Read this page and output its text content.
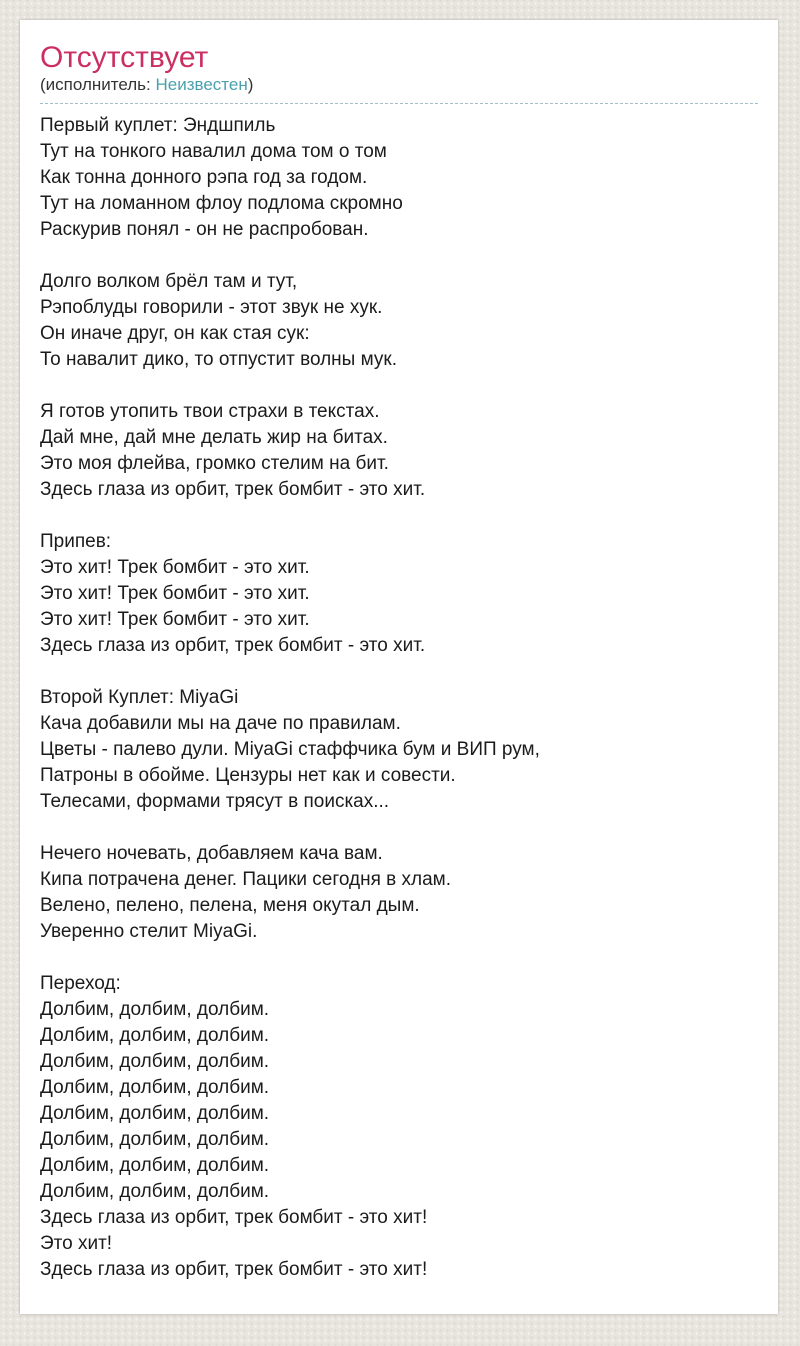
Отсутствует
(исполнитель: Неизвестен)
Первый куплет: Эндшпиль
Тут на тонкого навалил дома том о том
Как тонна донного рэпа год за годом.
Тут на ломанном флоу подлома скромно
Раскурив понял - он не распробован.
Долго волком брёл там и тут,
Рэпоблуды говорили - этот звук не хук.
Он иначе друг, он как стая сук:
То навалит дико, то отпустит волны мук.
Я готов утопить твои страхи в текстах.
Дай мне, дай мне делать жир на битах.
Это моя флейва, громко стелим на бит.
Здесь глаза из орбит, трек бомбит - это хит.
Припев:
Это хит! Трек бомбит - это хит.
Это хит! Трек бомбит - это хит.
Это хит! Трек бомбит - это хит.
Здесь глаза из орбит, трек бомбит - это хит.
Второй Куплет: MiyaGi
Кача добавили мы на даче по правилам.
Цветы - палево дули. MiyaGi стаффчика бум и ВИП рум,
Патроны в обойме. Цензуры нет как и совести.
Телесами, формами трясут в поисках...
Нечего ночевать, добавляем кача вам.
Кипа потрачена денег. Пацики сегодня в хлам.
Велено, пелено, пелена, меня окутал дым.
Уверенно стелит MiyaGi.
Переход:
Долбим, долбим, долбим.
Долбим, долбим, долбим.
Долбим, долбим, долбим.
Долбим, долбим, долбим.
Долбим, долбим, долбим.
Долбим, долбим, долбим.
Долбим, долбим, долбим.
Долбим, долбим, долбим.
Здесь глаза из орбит, трек бомбит - это хит!
Это хит!
Здесь глаза из орбит, трек бомбит - это хит!
